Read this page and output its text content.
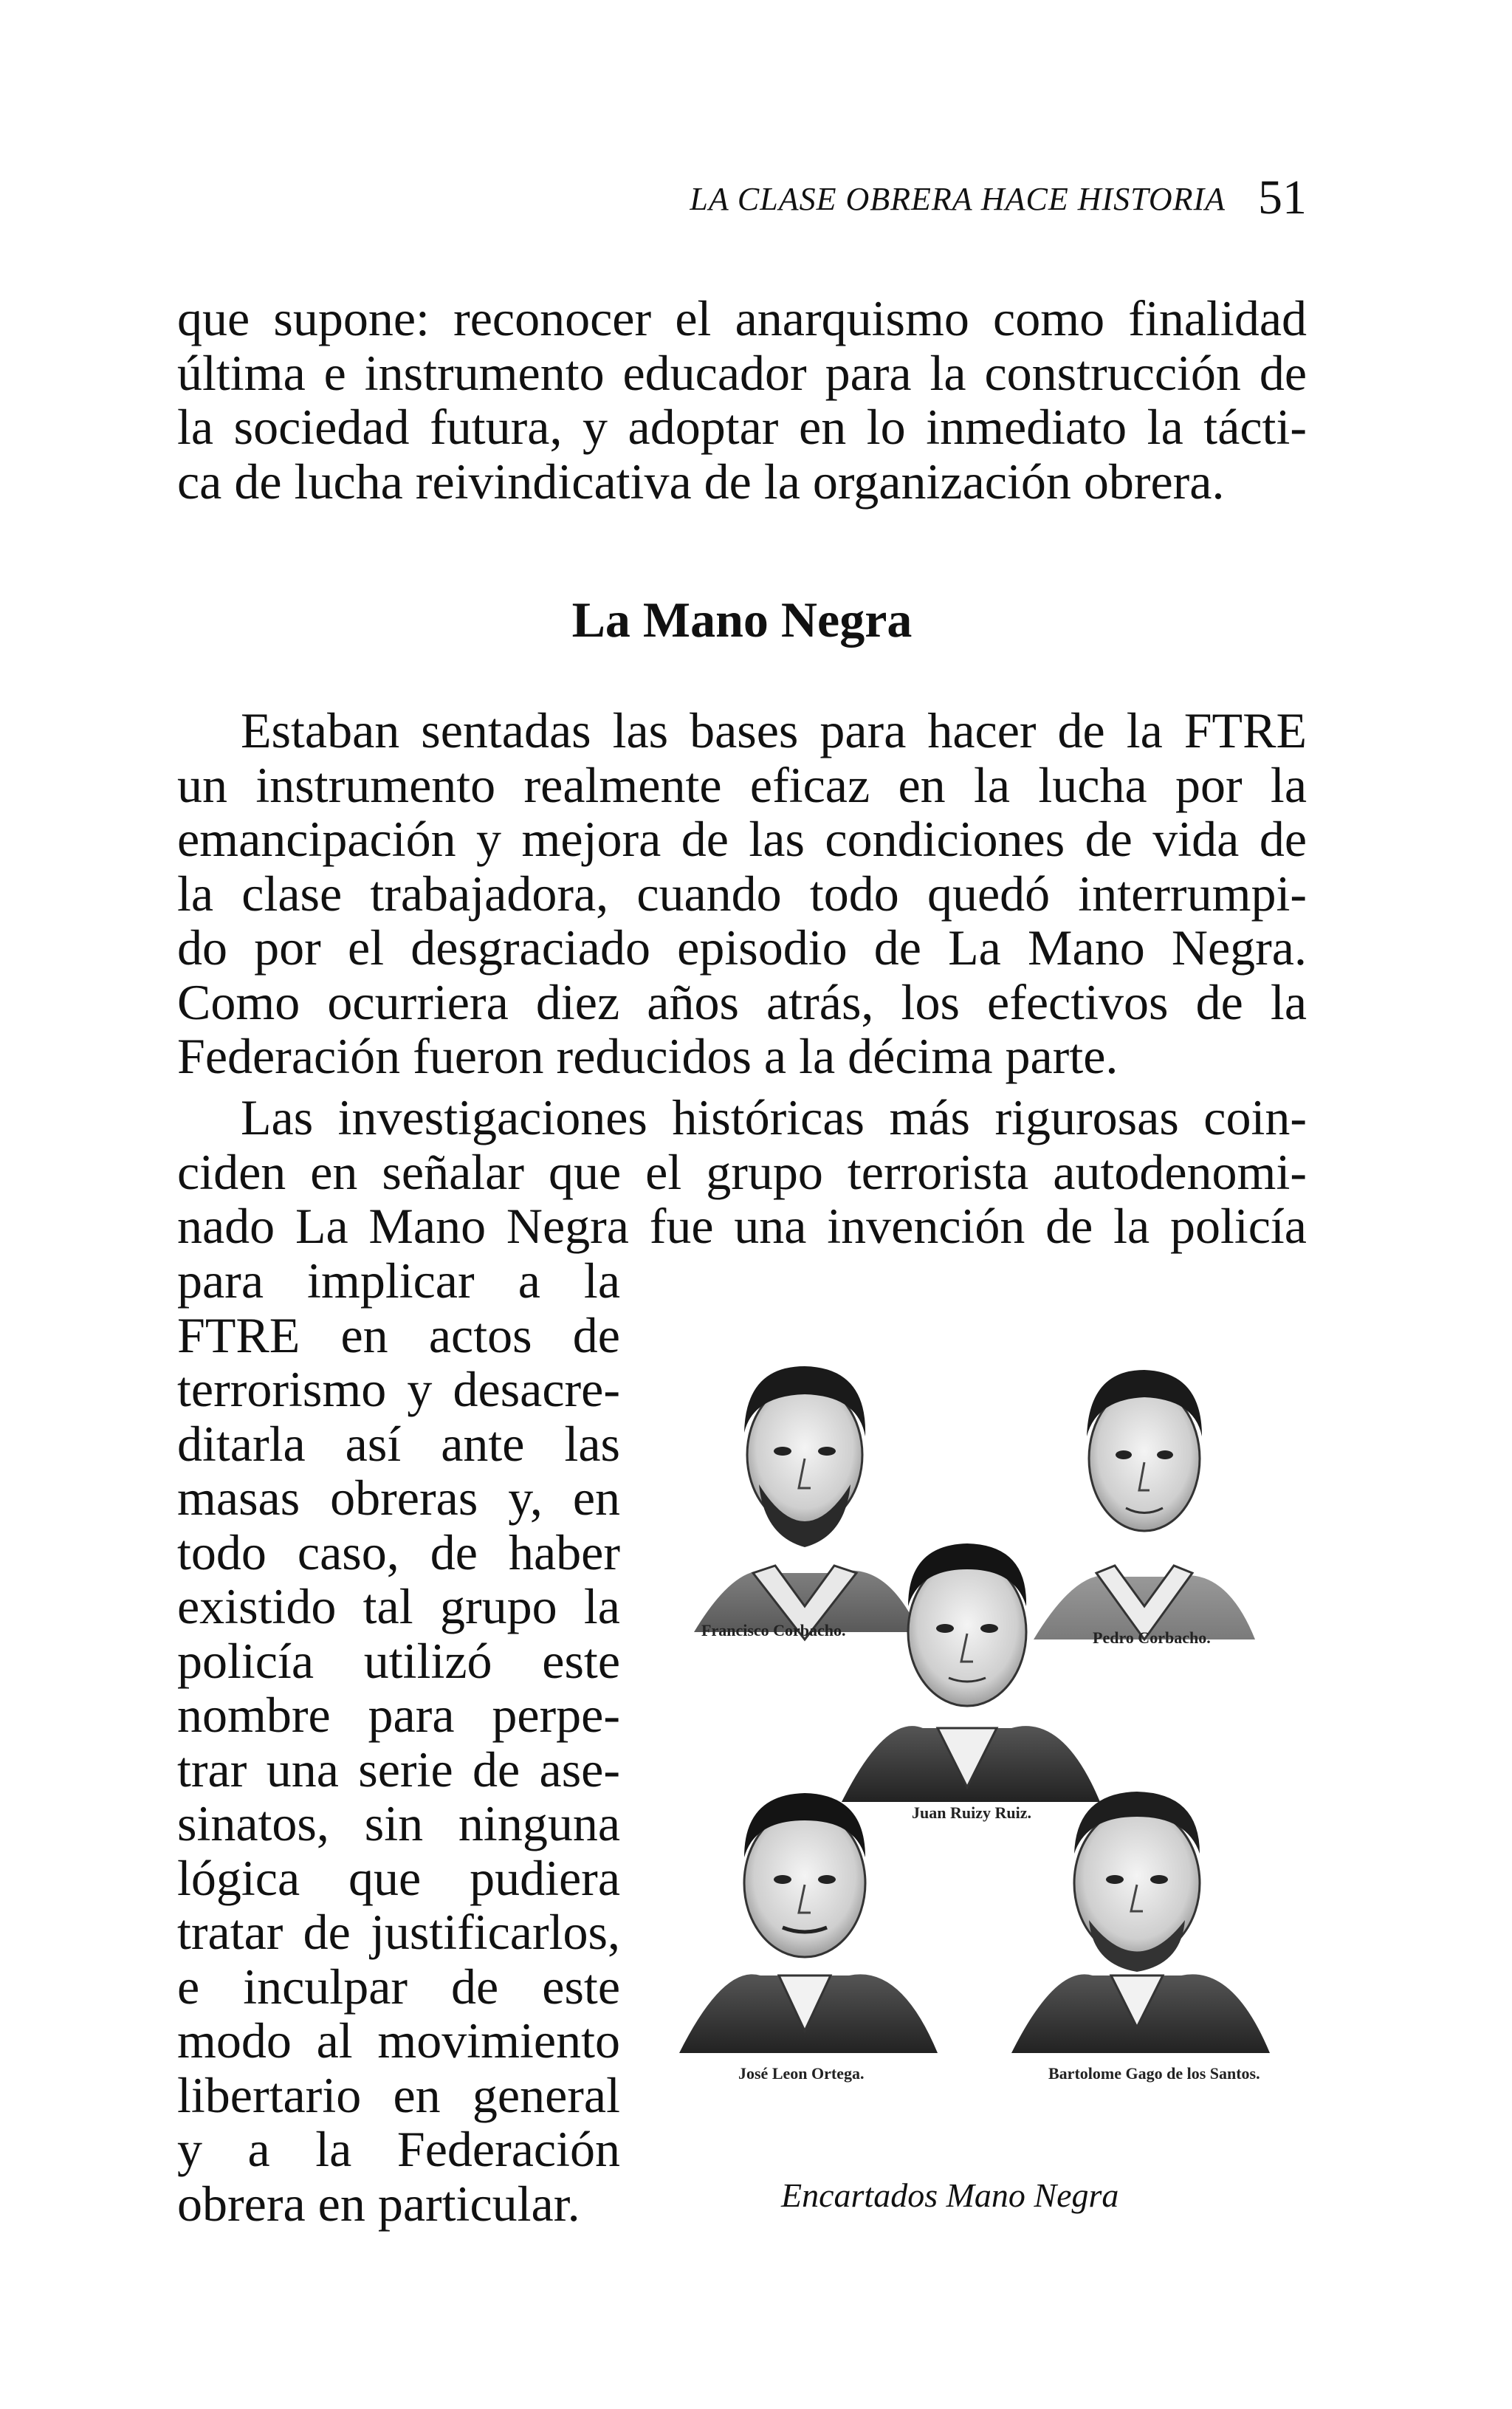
LA CLASE OBRERA HACE HISTORIA 51
que supone: reconocer el anarquismo como finalidad
última e instrumento educador para la construcción de
la sociedad futura, y adoptar en lo inmediato la tácti-
ca de lucha reivindicativa de la organización obrera.
La Mano Negra
Estaban sentadas las bases para hacer de la FTRE
un instrumento realmente eficaz en la lucha por la
emancipación y mejora de las condiciones de vida de
la clase trabajadora, cuando todo quedó interrumpi-
do por el desgraciado episodio de La Mano Negra.
Como ocurriera diez años atrás, los efectivos de la
Federación fueron reducidos a la décima parte.
Las investigaciones históricas más rigurosas coin-
ciden en señalar que el grupo terrorista autodenomi-
nado La Mano Negra fue una invención de la policía
para implicar a la
FTRE en actos de
terrorismo y desacre-
ditarla así ante las
masas obreras y, en
todo caso, de haber
existido tal grupo la
policía utilizó este
nombre para perpe-
trar una serie de ase-
sinatos, sin ninguna
lógica que pudiera
tratar de justificarlos,
e inculpar de este
modo al movimiento
libertario en general
y a la Federación
obrera en particular.
Francisco Corbacho.	Pedro Corbacho.
Juan Ruizy Ruiz.
José Leon Ortega.	Bartolome Gago de los Santos.
Encartados Mano Negra
